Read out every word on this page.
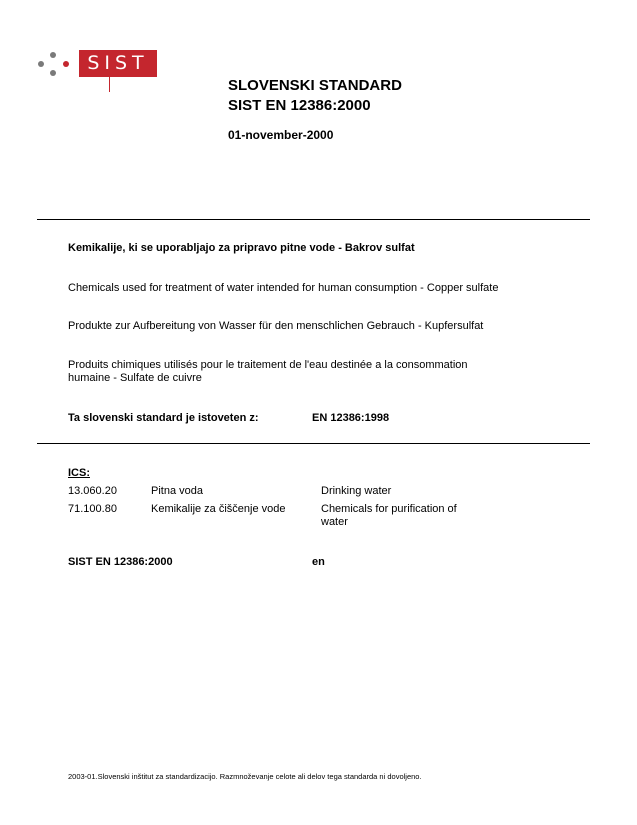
SIST
SLOVENSKI STANDARD
SIST EN 12386:2000
01-november-2000
Kemikalije, ki se uporabljajo za pripravo pitne vode - Bakrov sulfat
Chemicals used for treatment of water intended for human consumption - Copper sulfate
Produkte zur Aufbereitung von Wasser für den menschlichen Gebrauch - Kupfersulfat
Produits chimiques utilisés pour le traitement de l'eau destinée a la consommation
humaine - Sulfate de cuivre
Ta slovenski standard je istoveten z:	EN 12386:1998
ICS:
13.060.20	Pitna voda	Drinking water
71.100.80	Kemikalije za čiščenje vode	Chemicals for purification of
water
SIST EN 12386:2000	en
2003-01.Slovenski inštitut za standardizacijo. Razmnoževanje celote ali delov tega standarda ni dovoljeno.
